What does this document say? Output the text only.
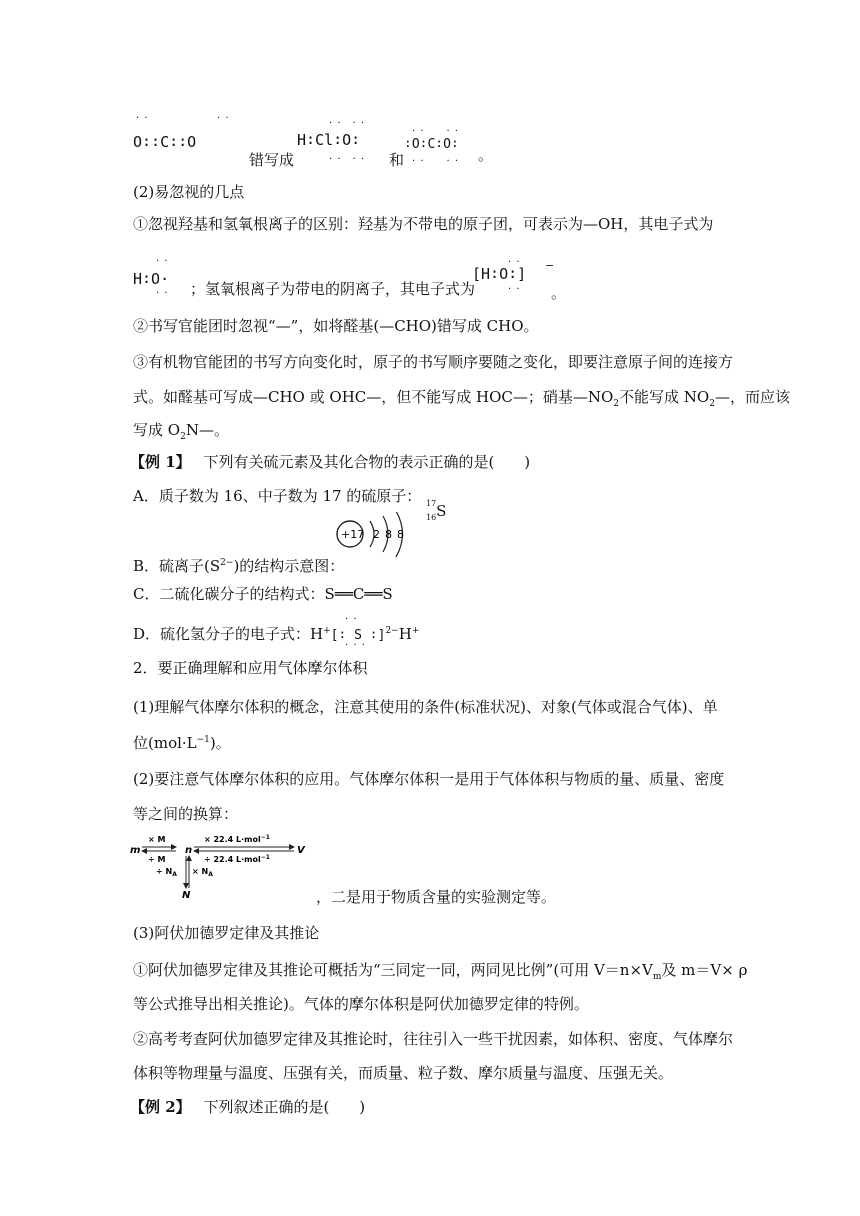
· ·
O∶∶C∶∶O
· ·
错写成
· ·　· ·
H∶Cl∶O∶
· ·　· · 和
· ·　　· ·
∶O∶C∶O∶
· ·　　· · 。
(2)易忽视的几点
①忽视羟基和氢氧根离子的区别：羟基为不带电的原子团，可表示为—OH，其电子式为
· ·
H∶O·
· · ；氢氧根离子为带电的阴离子，其电子式为
· ·
[H∶O∶] −
· · 。
②书写官能团时忽视“—”，如将醛基(—CHO)错写成 CHO。
③有机物官能团的书写方向变化时，原子的书写顺序要随之变化，即要注意原子间的连接方
式。如醛基可写成—CHO 或 OHC—，但不能写成 HOC—；硝基$—NO_2$不能写成 $NO_2—$，而应该
写成 $O_2N—$。
【例 1】 下列有关硫元素及其化合物的表示正确的是(　　)
A．质子数为 16、中子数为 17 的硫原子： 17
16 S
+17 2 8 8
B．硫离子$(S^{2-})$的结构示意图：
C．二硫化碳分子的结构式：S══C══S
D．硫化氢分子的电子式：H+[∶ S ∶]$^{2-}$H+
· ·
· · ·
2．要正确理解和应用气体摩尔体积
(1)理解气体摩尔体积的概念，注意其使用的条件(标准状况)、对象(气体或混合气体)、单
位$(mol\cdot L^{-1})$。
(2)要注意气体摩尔体积的应用。气体摩尔体积一是用于气体体积与物质的量、质量、密度
等之间的换算：
m
× M
÷ M
n
× 22.4 L·mol$^{-1}$
÷ 22.4 L·mol$^{-1}$
V
÷ $N_A \times N_A$
N	，二是用于物质含量的实验测定等。
(3)阿伏加德罗定律及其推论
①阿伏加德罗定律及其推论可概括为“三同定一同，两同见比例”(可用 $V=n\times V_m$及 m＝V× ρ
等公式推导出相关推论)。气体的摩尔体积是阿伏加德罗定律的特例。
②高考考查阿伏加德罗定律及其推论时，往往引入一些干扰因素，如体积、密度、气体摩尔
体积等物理量与温度、压强有关，而质量、粒子数、摩尔质量与温度、压强无关。
【例 2】 下列叙述正确的是(　　)
